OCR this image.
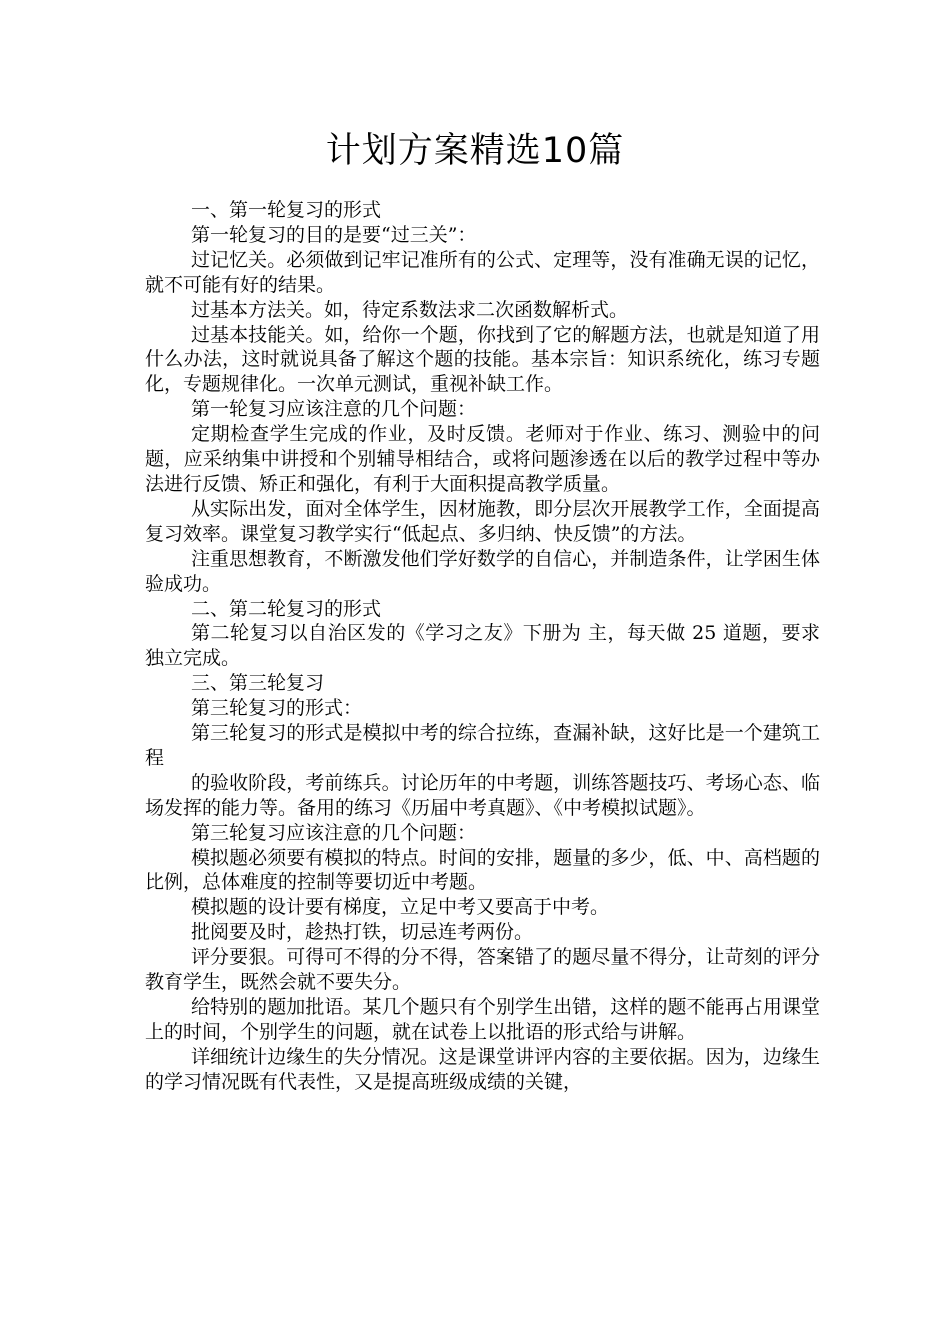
计划方案精选10篇

一、第一轮复习的形式

第一轮复习的目的是要“过三关”：

过记忆关。必须做到记牢记准所有的公式、定理等，没有准确无误的记忆，就不可能有好的结果。

过基本方法关。如，待定系数法求二次函数解析式。

过基本技能关。如，给你一个题，你找到了它的解题方法，也就是知道了用什么办法，这时就说具备了解这个题的技能。基本宗旨：知识系统化，练习专题化，专题规律化。一次单元测试，重视补缺工作。

第一轮复习应该注意的几个问题：

定期检查学生完成的作业，及时反馈。老师对于作业、练习、测验中的问题，应采纳集中讲授和个别辅导相结合，或将问题渗透在以后的教学过程中等办法进行反馈、矫正和强化，有利于大面积提高教学质量。

从实际出发，面对全体学生，因材施教，即分层次开展教学工作，全面提高复习效率。课堂复习教学实行“低起点、多归纳、快反馈”的方法。

注重思想教育，不断激发他们学好数学的自信心，并制造条件，让学困生体验成功。

二、第二轮复习的形式

第二轮复习以自治区发的《学习之友》下册为 主，每天做 25 道题，要求独立完成。

三、第三轮复习

第三轮复习的形式：

第三轮复习的形式是模拟中考的综合拉练，查漏补缺，这好比是一个建筑工程

的验收阶段，考前练兵。讨论历年的中考题，训练答题技巧、考场心态、临场发挥的能力等。备用的练习《历届中考真题》、《中考模拟试题》。

第三轮复习应该注意的几个问题：

模拟题必须要有模拟的特点。时间的安排，题量的多少，低、中、高档题的比例，总体难度的控制等要切近中考题。

模拟题的设计要有梯度，立足中考又要高于中考。

批阅要及时，趁热打铁，切忌连考两份。

评分要狠。可得可不得的分不得，答案错了的题尽量不得分，让苛刻的评分教育学生，既然会就不要失分。

给特别的题加批语。某几个题只有个别学生出错，这样的题不能再占用课堂上的时间，个别学生的问题，就在试卷上以批语的形式给与讲解。

详细统计边缘生的失分情况。这是课堂讲评内容的主要依据。因为，边缘生的学习情况既有代表性，又是提高班级成绩的关键，
